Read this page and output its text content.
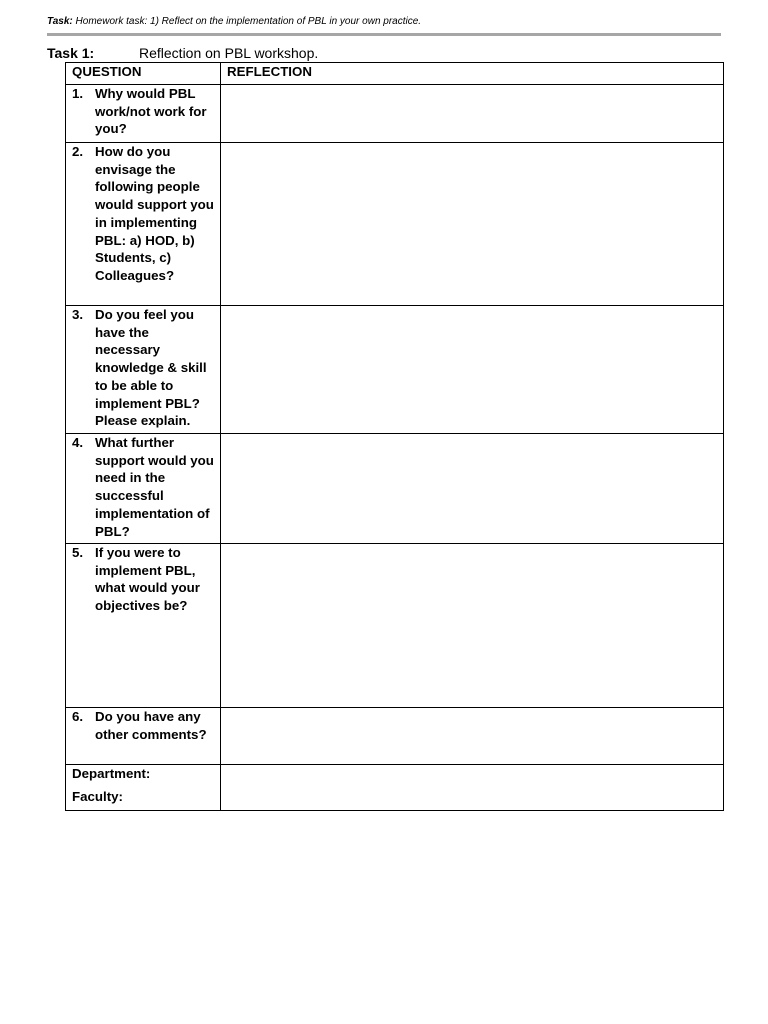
Task: Homework task: 1) Reflect on the implementation of PBL in your own practice.
Task 1:	Reflection on PBL workshop.
QUESTION	REFLECTION

1. Why would PBL work/not work for you?	

2. How do you envisage the following people would support you in implementing PBL: a) HOD, b) Students, c) Colleagues?	

3. Do you feel you have the necessary knowledge & skill to be able to implement PBL? Please explain.	

4. What further support would you need in the successful implementation of PBL?	

5. If you were to implement PBL, what would your objectives be?	

6. Do you have any other comments?	

Department:
Faculty:	
